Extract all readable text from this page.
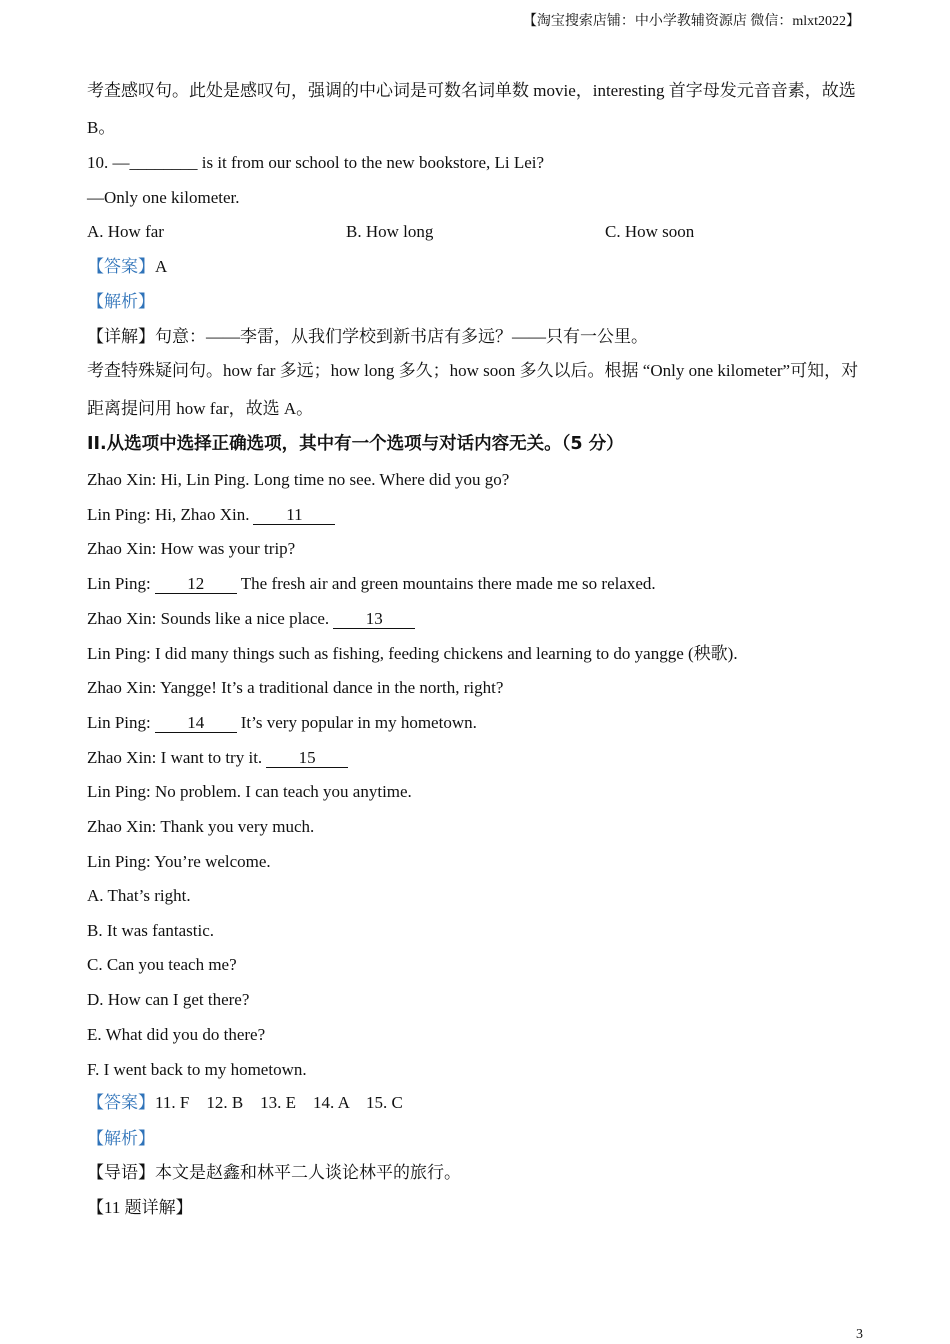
【淘宝搜索店铺：中小学教辅资源店 微信：mlxt2022】
考查感叹句。此处是感叹句，强调的中心词是可数名词单数 movie，interesting 首字母发元音音素，故选
B。
10. —________ is it from our school to the new bookstore, Li Lei?
—Only one kilometer.
A. How far	B. How long	C. How soon
【答案】A
【解析】
【详解】句意：——李雷，从我们学校到新书店有多远？——只有一公里。
考查特殊疑问句。how far 多远；how long 多久；how soon 多久以后。根据 “Only one kilometer”可知，对
距离提问用 how far，故选 A。
II.从选项中选择正确选项，其中有一个选项与对话内容无关。（5 分）
Zhao Xin: Hi, Lin Ping. Long time no see. Where did you go?
Lin Ping: Hi, Zhao Xin. 11
Zhao Xin: How was your trip?
Lin Ping: 12 The fresh air and green mountains there made me so relaxed.
Zhao Xin: Sounds like a nice place. 13
Lin Ping: I did many things such as fishing, feeding chickens and learning to do yangge (秧歌).
Zhao Xin: Yangge! It’s a traditional dance in the north, right?
Lin Ping: 14 It’s very popular in my hometown.
Zhao Xin: I want to try it. 15
Lin Ping: No problem. I can teach you anytime.
Zhao Xin: Thank you very much.
Lin Ping: You’re welcome.
A. That’s right.
B. It was fantastic.
C. Can you teach me?
D. How can I get there?
E. What did you do there?
F. I went back to my hometown.
【答案】11. F    12. B    13. E    14. A    15. C
【解析】
【导语】本文是赵鑫和林平二人谈论林平的旅行。
【11 题详解】
3
